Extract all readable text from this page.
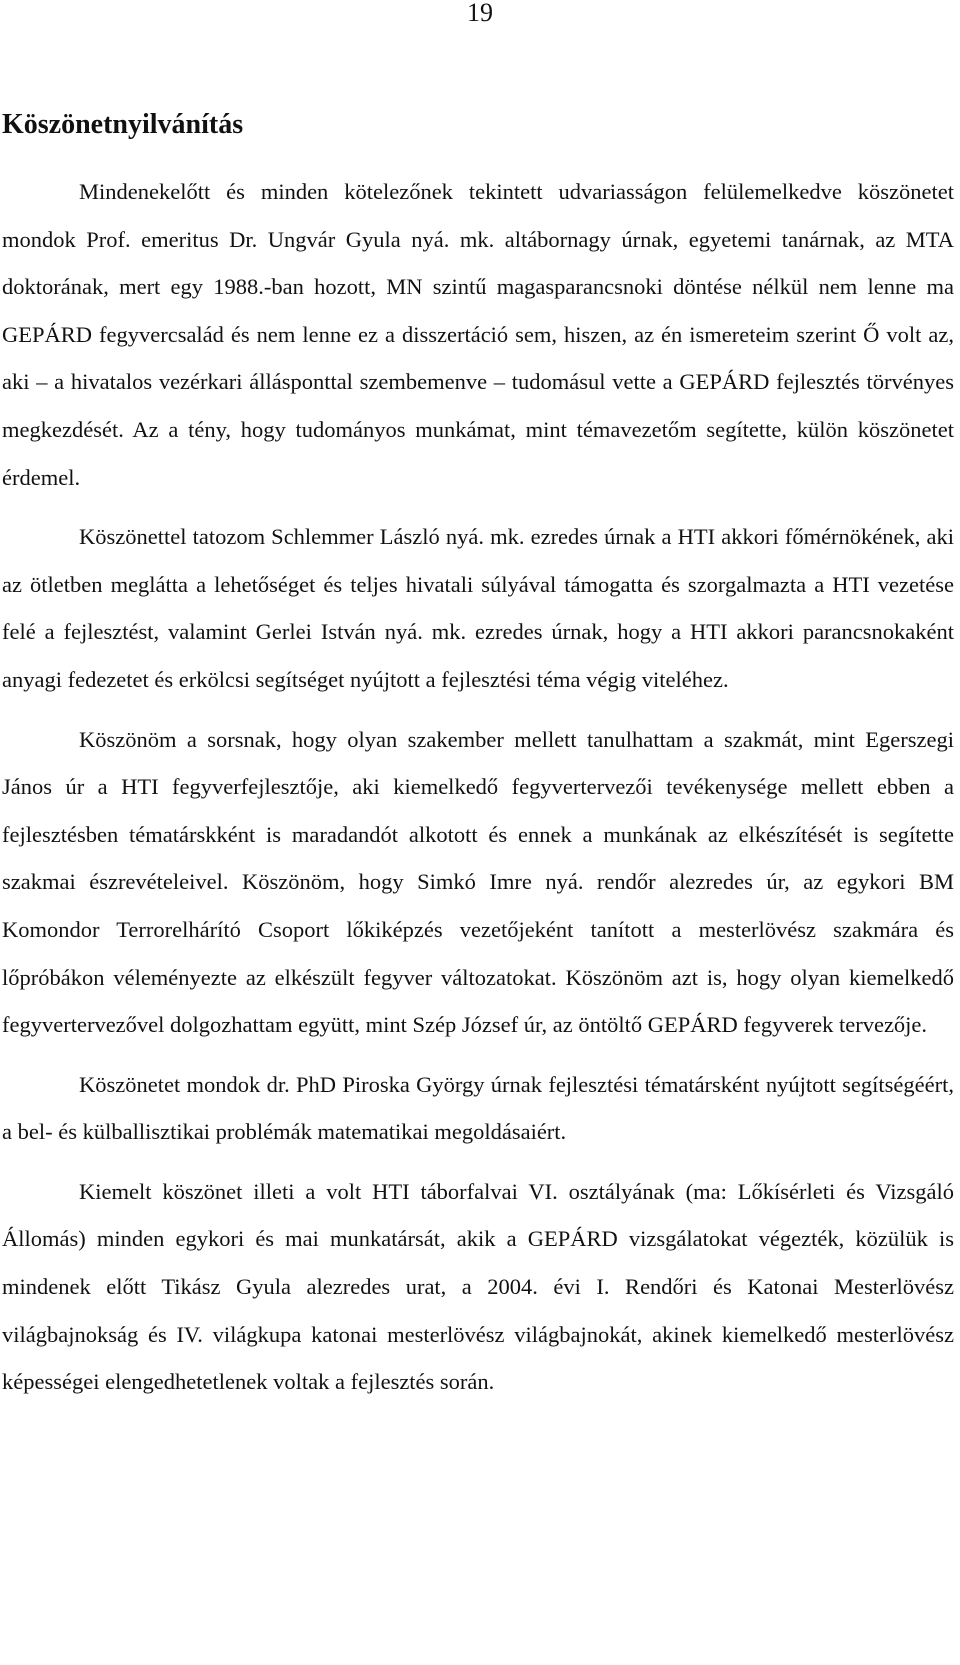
19
Köszönetnyilvánítás

Mindenekelőtt és minden kötelezőnek tekintett udvariasságon felülemelkedve köszönetet mondok Prof. emeritus Dr. Ungvár Gyula nyá. mk. altábornagy úrnak, egyetemi tanárnak, az MTA doktorának, mert egy 1988.-ban hozott, MN szintű magasparancsnoki döntése nélkül nem lenne ma GEPÁRD fegyvercsalád és nem lenne ez a disszertáció sem, hiszen, az én ismereteim szerint Ő volt az, aki – a hivatalos vezérkari állásponttal szembemenve – tudomásul vette a GEPÁRD fejlesztés törvényes megkezdését. Az a tény, hogy tudományos munkámat, mint témavezetőm segítette, külön köszönetet érdemel.

Köszönettel tatozom Schlemmer László nyá. mk. ezredes úrnak a HTI akkori főmérnökének, aki az ötletben meglátta a lehetőséget és teljes hivatali súlyával támogatta és szorgalmazta a HTI vezetése felé a fejlesztést, valamint Gerlei István nyá. mk. ezredes úrnak, hogy a HTI akkori parancsnokaként anyagi fedezetet és erkölcsi segítséget nyújtott a fejlesztési téma végig viteléhez.

Köszönöm a sorsnak, hogy olyan szakember mellett tanulhattam a szakmát, mint Egerszegi János úr a HTI fegyverfejlesztője, aki kiemelkedő fegyvertervezői tevékenysége mellett ebben a fejlesztésben tématárskként is maradandót alkotott és ennek a munkának az elkészítését is segítette szakmai észrevételeivel. Köszönöm, hogy Simkó Imre nyá. rendőr alezredes úr, az egykori BM Komondor Terrorelhárító Csoport lőkiképzés vezetőjeként tanított a mesterlövész szakmára és lőpróbákon véleményezte az elkészült fegyver változatokat. Köszönöm azt is, hogy olyan kiemelkedő fegyvertervezővel dolgozhattam együtt, mint Szép József úr, az öntöltő GEPÁRD fegyverek tervezője.

Köszönetet mondok dr. PhD Piroska György úrnak fejlesztési tématársként nyújtott segítségéért, a bel- és külballisztikai problémák matematikai megoldásaiért.

Kiemelt köszönet illeti a volt HTI táborfalvai VI. osztályának (ma: Lőkísérleti és Vizsgáló Állomás) minden egykori és mai munkatársát, akik a GEPÁRD vizsgálatokat végezték, közülük is mindenek előtt Tikász Gyula alezredes urat, a 2004. évi I. Rendőri és Katonai Mesterlövész világbajnokság és IV. világkupa katonai mesterlövész világbajnokát, akinek kiemelkedő mesterlövész képességei elengedhetetlenek voltak a fejlesztés során.
